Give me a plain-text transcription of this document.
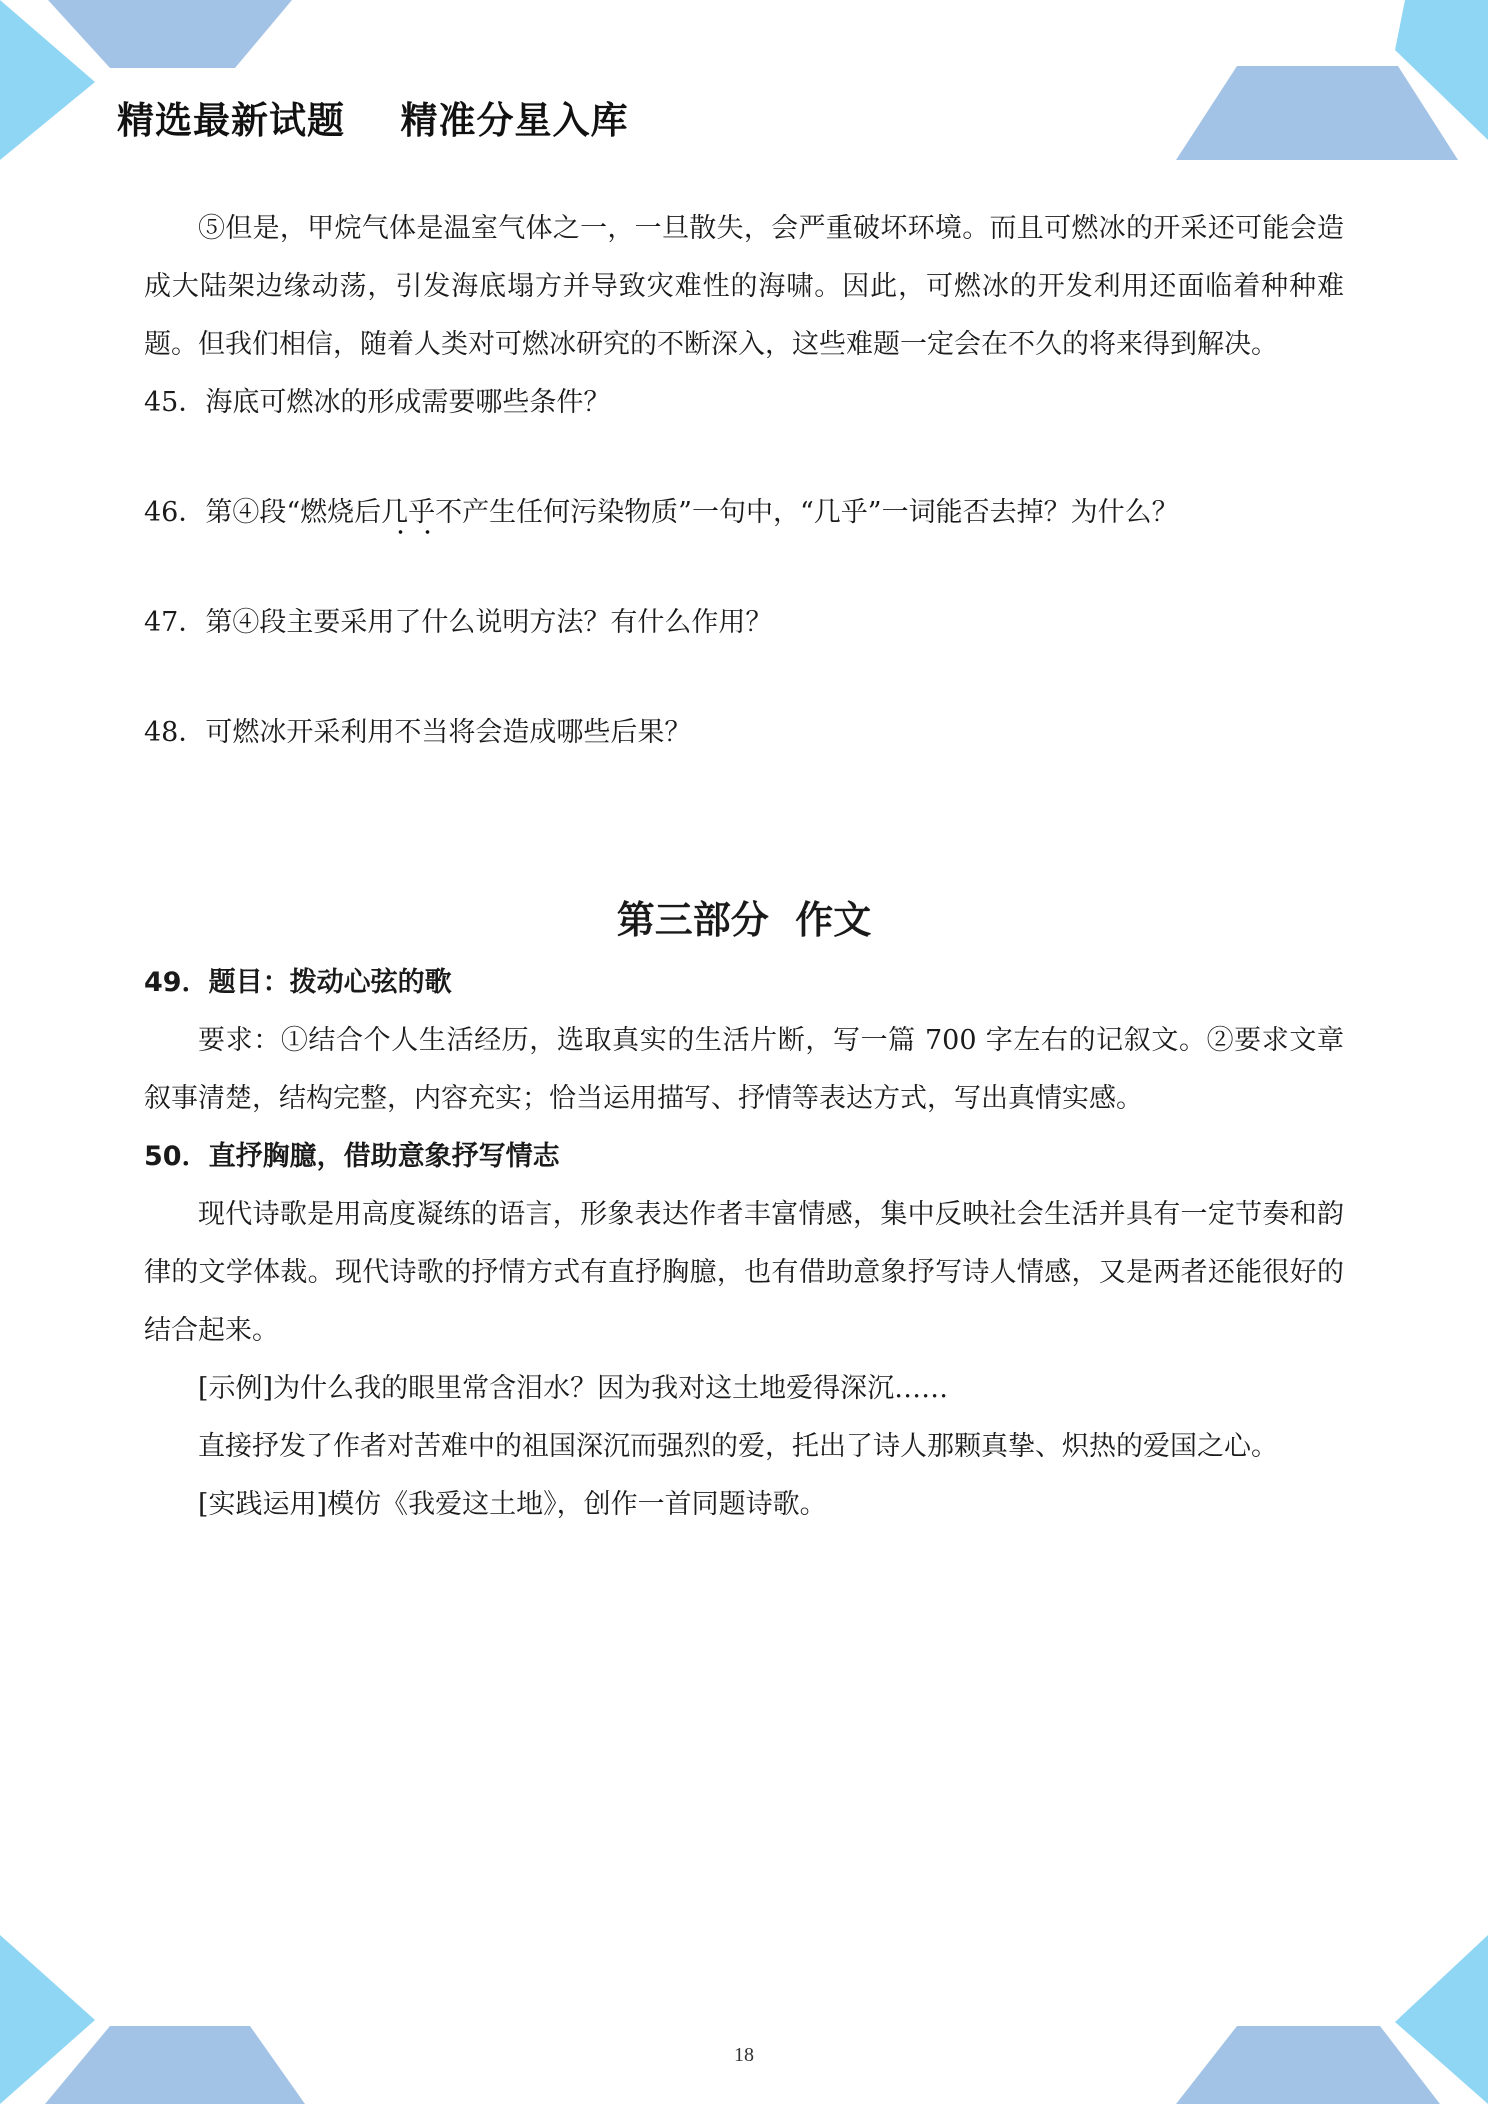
精选最新试题    精准分星入库

⑤但是，甲烷气体是温室气体之一，一旦散失，会严重破坏环境。而且可燃冰的开采还可能会造成大陆架边缘动荡，引发海底塌方并导致灾难性的海啸。因此，可燃冰的开发利用还面临着种种难题。但我们相信，随着人类对可燃冰研究的不断深入，这些难题一定会在不久的将来得到解决。

45．海底可燃冰的形成需要哪些条件？

46．第④段“燃烧后几乎不产生任何污染物质”一句中，“几乎”一词能否去掉？为什么？

47．第④段主要采用了什么说明方法？有什么作用？

48．可燃冰开采利用不当将会造成哪些后果？

第三部分  作文

49．题目：拨动心弦的歌

要求：①结合个人生活经历，选取真实的生活片断，写一篇 700 字左右的记叙文。②要求文章叙事清楚，结构完整，内容充实；恰当运用描写、抒情等表达方式，写出真情实感。

50．直抒胸臆，借助意象抒写情志

现代诗歌是用高度凝练的语言，形象表达作者丰富情感，集中反映社会生活并具有一定节奏和韵律的文学体裁。现代诗歌的抒情方式有直抒胸臆，也有借助意象抒写诗人情感，又是两者还能很好的结合起来。

[示例]为什么我的眼里常含泪水？因为我对这土地爱得深沉……

直接抒发了作者对苦难中的祖国深沉而强烈的爱，托出了诗人那颗真挚、炽热的爱国之心。

[实践运用]模仿《我爱这土地》，创作一首同题诗歌。

18
